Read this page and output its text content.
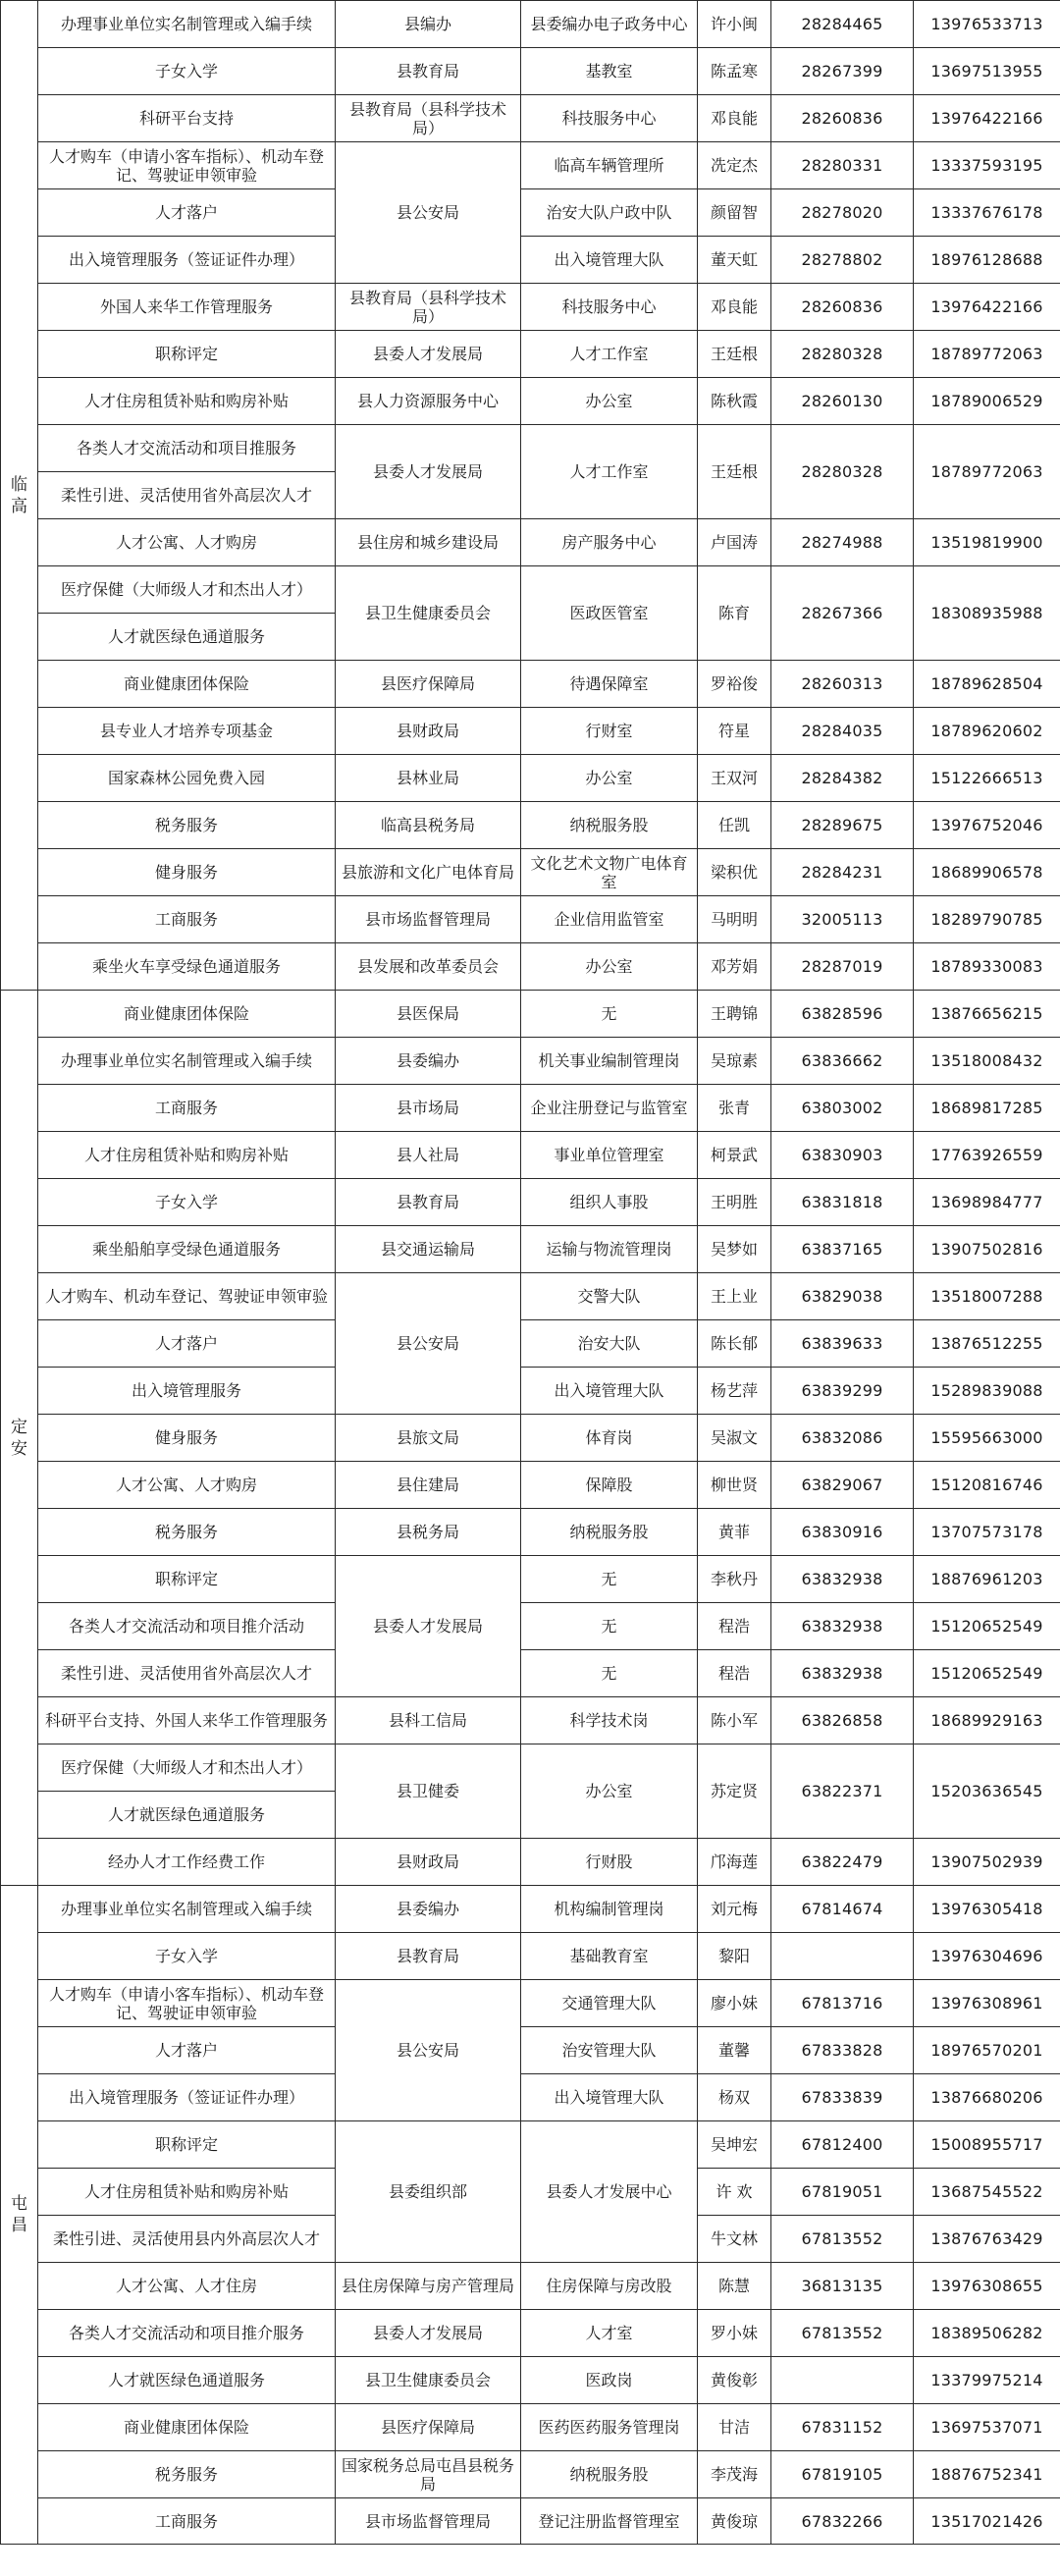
临
高	办理事业单位实名制管理或入编手续	县编办	县委编办电子政务中心	许小闽	28284465	13976533713
	子女入学	县教育局	基教室	陈孟寒	28267399	13697513955
	科研平台支持	县教育局（县科学技术局）	科技服务中心	邓良能	28260836	13976422166
	人才购车（申请小客车指标）、机动车登记、驾驶证申领审验	县公安局	临高车辆管理所	冼定杰	28280331	13337593195
	人才落户		治安大队户政中队	颜留智	28278020	13337676178
	出入境管理服务（签证证件办理）		出入境管理大队	董天虹	28278802	18976128688
	外国人来华工作管理服务	县教育局（县科学技术局）	科技服务中心	邓良能	28260836	13976422166
	职称评定	县委人才发展局	人才工作室	王廷根	28280328	18789772063
	人才住房租赁补贴和购房补贴	县人力资源服务中心	办公室	陈秋霞	28260130	18789006529
	各类人才交流活动和项目推服务	县委人才发展局	人才工作室	王廷根	28280328	18789772063
	柔性引进、灵活使用省外高层次人才					
	人才公寓、人才购房	县住房和城乡建设局	房产服务中心	卢国涛	28274988	13519819900
	医疗保健（大师级人才和杰出人才）	县卫生健康委员会	医政医管室	陈育	28267366	18308935988
	人才就医绿色通道服务					
	商业健康团体保险	县医疗保障局	待遇保障室	罗裕俊	28260313	18789628504
	县专业人才培养专项基金	县财政局	行财室	符星	28284035	18789620602
	国家森林公园免费入园	县林业局	办公室	王双河	28284382	15122666513
	税务服务	临高县税务局	纳税服务股	任凯	28289675	13976752046
	健身服务	县旅游和文化广电体育局	文化艺术文物广电体育室	梁积优	28284231	18689906578
	工商服务	县市场监督管理局	企业信用监管室	马明明	32005113	18289790785
	乘坐火车享受绿色通道服务	县发展和改革委员会	办公室	邓芳娟	28287019	18789330083
定
安	商业健康团体保险	县医保局	无	王聘锦	63828596	13876656215
	办理事业单位实名制管理或入编手续	县委编办	机关事业编制管理岗	吴琼素	63836662	13518008432
	工商服务	县市场局	企业注册登记与监管室	张青	63803002	18689817285
	人才住房租赁补贴和购房补贴	县人社局	事业单位管理室	柯景武	63830903	17763926559
	子女入学	县教育局	组织人事股	王明胜	63831818	13698984777
	乘坐船舶享受绿色通道服务	县交通运输局	运输与物流管理岗	吴梦如	63837165	13907502816
	人才购车、机动车登记、驾驶证申领审验	县公安局	交警大队	王上业	63829038	13518007288
	人才落户		治安大队	陈长郁	63839633	13876512255
	出入境管理服务		出入境管理大队	杨艺萍	63839299	15289839088
	健身服务	县旅文局	体育岗	吴淑文	63832086	15595663000
	人才公寓、人才购房	县住建局	保障股	柳世贤	63829067	15120816746
	税务服务	县税务局	纳税服务股	黄菲	63830916	13707573178
	职称评定	县委人才发展局	无	李秋丹	63832938	18876961203
	各类人才交流活动和项目推介活动		无	程浩	63832938	15120652549
	柔性引进、灵活使用省外高层次人才		无	程浩	63832938	15120652549
	科研平台支持、外国人来华工作管理服务	县科工信局	科学技术岗	陈小军	63826858	18689929163
	医疗保健（大师级人才和杰出人才）	县卫健委	办公室	苏定贤	63822371	15203636545
	人才就医绿色通道服务					
	经办人才工作经费工作	县财政局	行财股	邝海莲	63822479	13907502939
屯
昌	办理事业单位实名制管理或入编手续	县委编办	机构编制管理岗	刘元梅	67814674	13976305418
	子女入学	县教育局	基础教育室	黎阳		13976304696
	人才购车（申请小客车指标）、机动车登记、驾驶证申领审验	县公安局	交通管理大队	廖小妹	67813716	13976308961
	人才落户		治安管理大队	董馨	67833828	18976570201
	出入境管理服务（签证证件办理）		出入境管理大队	杨双	67833839	13876680206
	职称评定	县委组织部	县委人才发展中心	吴坤宏	67812400	15008955717
	人才住房租赁补贴和购房补贴			许 欢	67819051	13687545522
	柔性引进、灵活使用县内外高层次人才			牛文林	67813552	13876763429
	人才公寓、人才住房	县住房保障与房产管理局	住房保障与房改股	陈慧	36813135	13976308655
	各类人才交流活动和项目推介服务	县委人才发展局	人才室	罗小妹	67813552	18389506282
	人才就医绿色通道服务	县卫生健康委员会	医政岗	黄俊彰		13379975214
	商业健康团体保险	县医疗保障局	医药医药服务管理岗	甘洁	67831152	13697537071
	税务服务	国家税务总局屯昌县税务局	纳税服务股	李茂海	67819105	18876752341
	工商服务	县市场监督管理局	登记注册监督管理室	黄俊琼	67832266	13517021426
